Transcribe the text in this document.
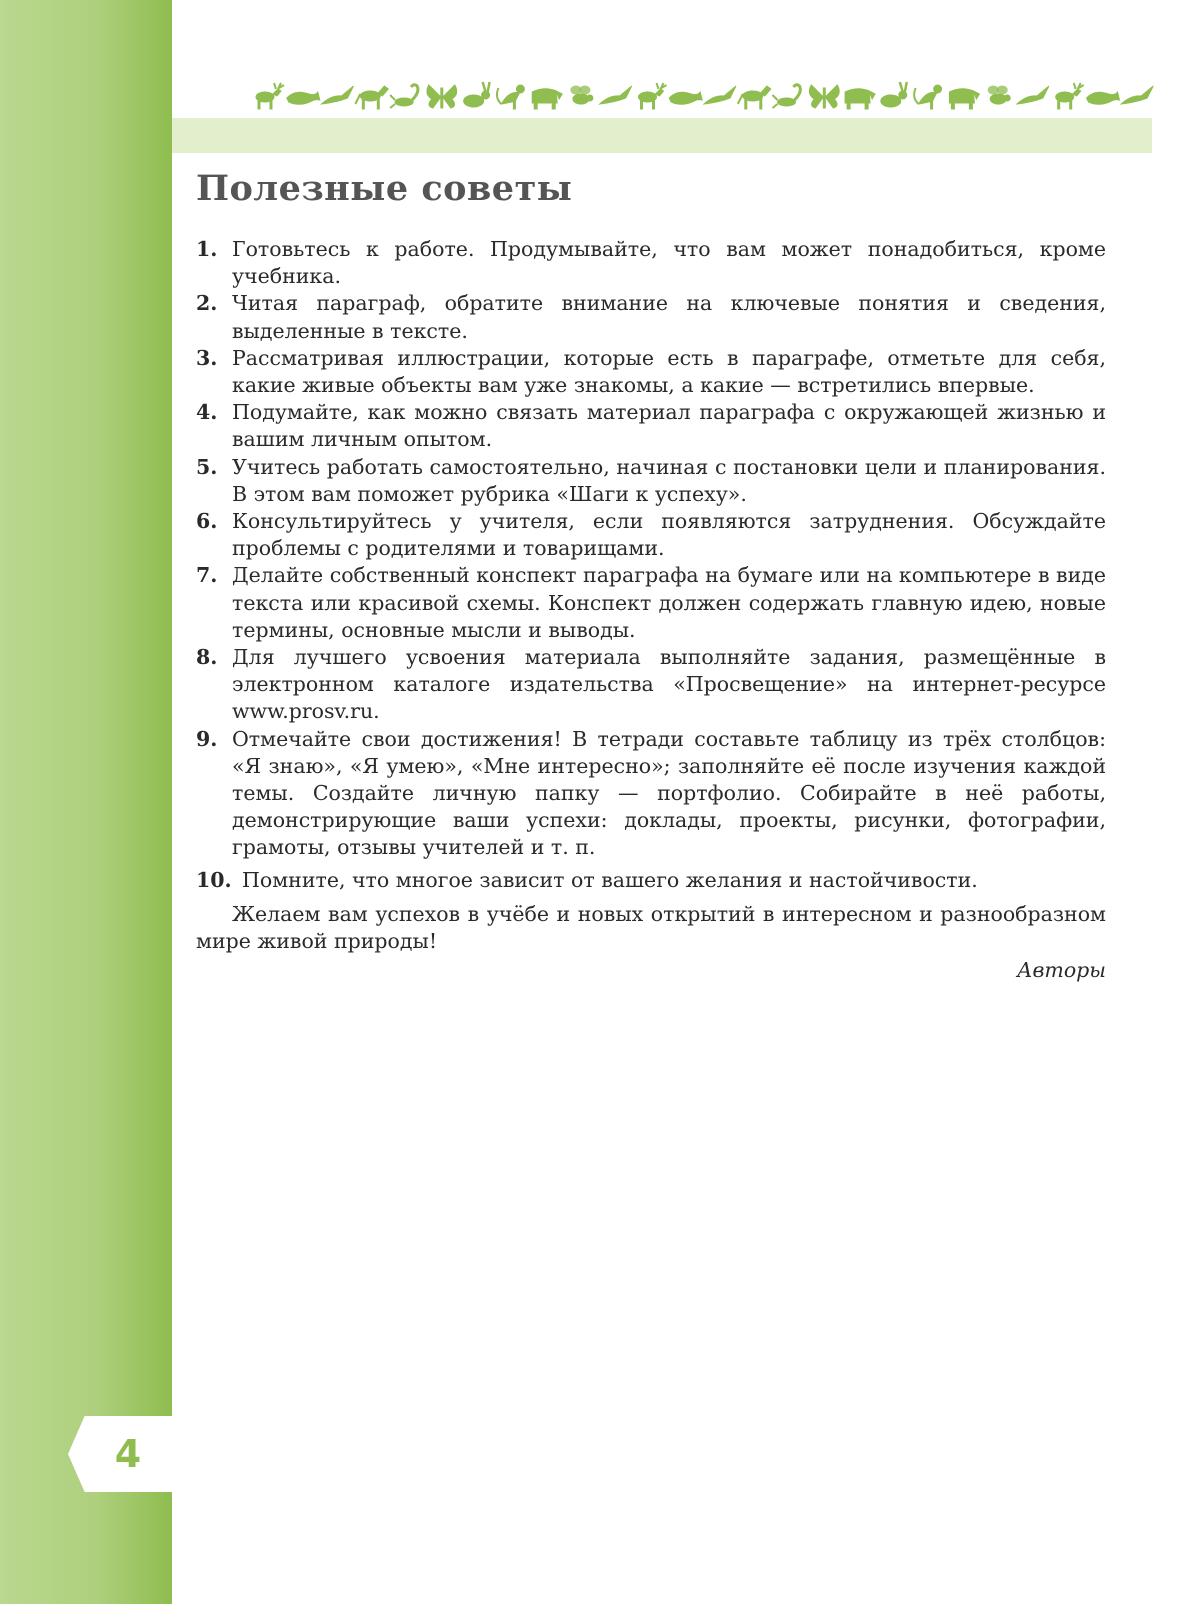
4
Полезные советы
1. Готовьтесь к работе. Продумывайте, что вам может понадобиться, кроме учебника.
2. Читая параграф, обратите внимание на ключевые понятия и сведения, выделенные в тексте.
3. Рассматривая иллюстрации, которые есть в параграфе, отметьте для себя, какие живые объекты вам уже знакомы, а какие — встретились впервые.
4. Подумайте, как можно связать материал параграфа с окружающей жизнью и вашим личным опытом.
5. Учитесь работать самостоятельно, начиная с постановки цели и планирования. В этом вам поможет рубрика «Шаги к успеху».
6. Консультируйтесь у учителя, если появляются затруднения. Обсуждайте проблемы с родителями и товарищами.
7. Делайте собственный конспект параграфа на бумаге или на компьютере в виде текста или красивой схемы. Конспект должен содержать главную идею, новые термины, основные мысли и выводы.
8. Для лучшего усвоения материала выполняйте задания, размещённые в электронном каталоге издательства «Просвещение» на интернет-ресурсе www.prosv.ru.
9. Отмечайте свои достижения! В тетради составьте таблицу из трёх столбцов: «Я знаю», «Я умею», «Мне интересно»; заполняйте её после изучения каждой темы. Создайте личную папку — портфолио. Собирайте в неё работы, демонстрирующие ваши успехи: доклады, проекты, рисунки, фотографии, грамоты, отзывы учителей и т. п.
10. Помните, что многое зависит от вашего желания и настойчивости.

Желаем вам успехов в учёбе и новых открытий в интересном и разнообразном мире живой природы!

Авторы
